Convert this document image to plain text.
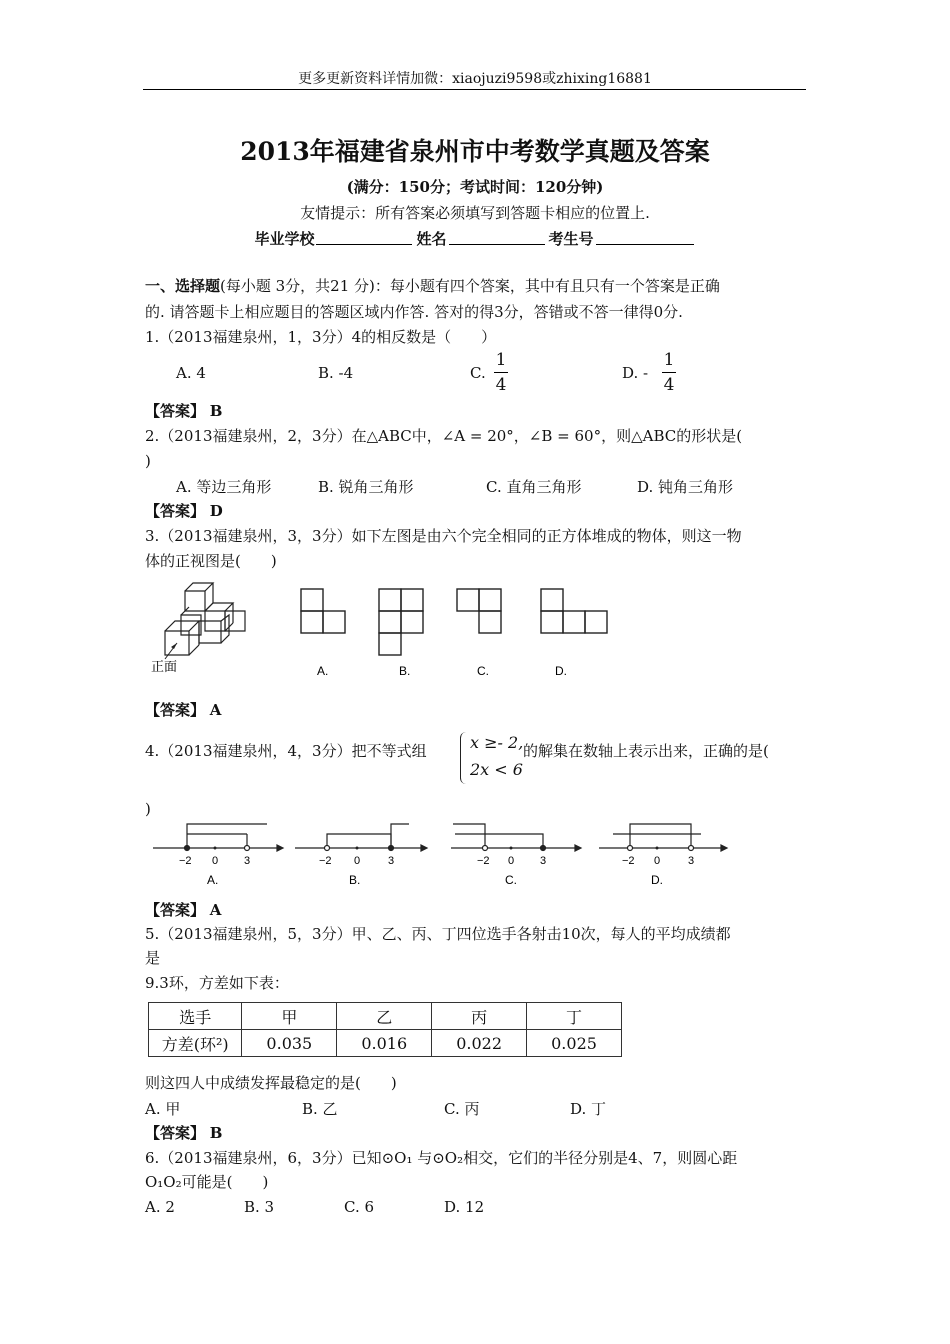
更多更新资料详情加微：xiaojuzi9598或zhixing16881
2013年福建省泉州市中考数学真题及答案
(满分：150分；考试时间：120分钟)
友情提示：所有答案必须填写到答题卡相应的位置上.
毕业学校	姓名	考生号
一、选择题(每小题 3分，共21 分)：每小题有四个答案，其中有且只有一个答案是正确
的. 请答题卡上相应题目的答题区域内作答. 答对的得3分，答错或不答一律得0分.
1.（2013福建泉州，1，3分）4的相反数是（　　）
A. 4	B. -4	C.
1
4
D. -
1
4
【答案】 B
2.（2013福建泉州，2，3分）在△ABC中，∠A = 20°，∠B = 60°，则△ABC的形状是(
)
A. 等边三角形	B. 锐角三角形	C. 直角三角形	D. 钝角三角形
【答案】 D
3.（2013福建泉州，3，3分）如下左图是由六个完全相同的正方体堆成的物体，则这一物
体的正视图是(　　)
正面	A.	B.	C.	D.
【答案】 A
4.（2013福建泉州，4，3分）把不等式组	x ≥- 2,
2x < 6
的解集在数轴上表示出来，正确的是(
)
−2 0 3	−2 0	3	−2 0 3	−2 0	3
A.	B.	C.	D.
【答案】 A
5.（2013福建泉州，5，3分）甲、乙、丙、丁四位选手各射击10次，每人的平均成绩都
是
9.3环，方差如下表：
选手	甲	乙	丙	丁
方差(环²)	0.035	0.016	0.022	0.025
则这四人中成绩发挥最稳定的是(　　)
A. 甲	B. 乙	C. 丙	D. 丁
【答案】 B
6.（2013福建泉州，6，3分）已知⊙O₁ 与⊙O₂相交，它们的半径分别是4、7，则圆心距
O₁O₂可能是(　　)
A. 2	B. 3	C. 6	D. 12
